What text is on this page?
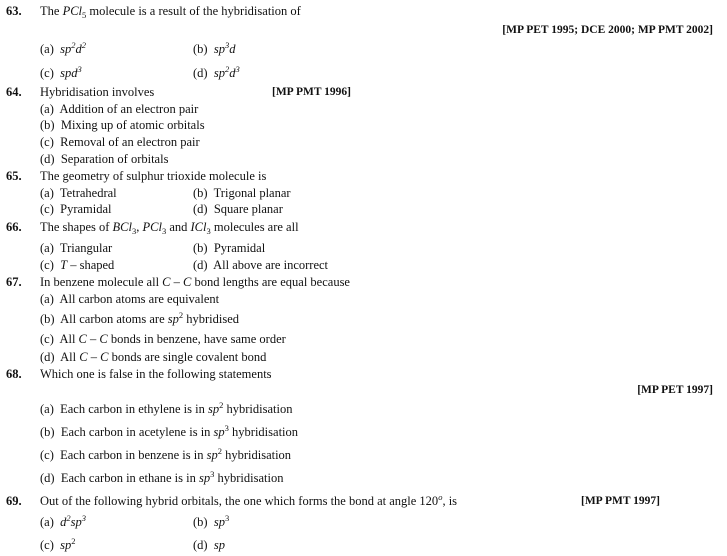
63. The PCl$_5$ molecule is a result of the hybridisation of
[MP PET 1995; DCE 2000; MP PMT 2002]
(a) $sp^2d^2$	(b) $sp^3d$
(c) spd$^3$	(d) $sp^2d^3$
64. Hybridisation involves	[MP PMT 1996]
(a) Addition of an electron pair
(b) Mixing up of atomic orbitals
(c) Removal of an electron pair
(d) Separation of orbitals
65. The geometry of sulphur trioxide molecule is
(a) Tetrahedral	(b) Trigonal planar
(c) Pyramidal	(d) Square planar
66. The shapes of BCl$_3$, PCl$_3$ and ICl$_3$ molecules are all
(a) Triangular	(b) Pyramidal
(c) T – shaped	(d) All above are incorrect
67. In benzene molecule all C – C bond lengths are equal because
(a) All carbon atoms are equivalent
(b) All carbon atoms are $sp^2$ hybridised
(c) All C – C bonds in benzene, have same order
(d) All C – C bonds are single covalent bond
68. Which one is false in the following statements
[MP PET 1997]
(a) Each carbon in ethylene is in $sp^2$ hybridisation
(b) Each carbon in acetylene is in $sp^3$ hybridisation
(c) Each carbon in benzene is in $sp^2$ hybridisation
(d) Each carbon in ethane is in $sp^3$ hybridisation
69. Out of the following hybrid orbitals, the one which forms the bond at angle 120$^o$, is	[MP PMT 1997]
(a) $d^2sp^3$	(b) $sp^3$
(c) $sp^2$	(d) sp
